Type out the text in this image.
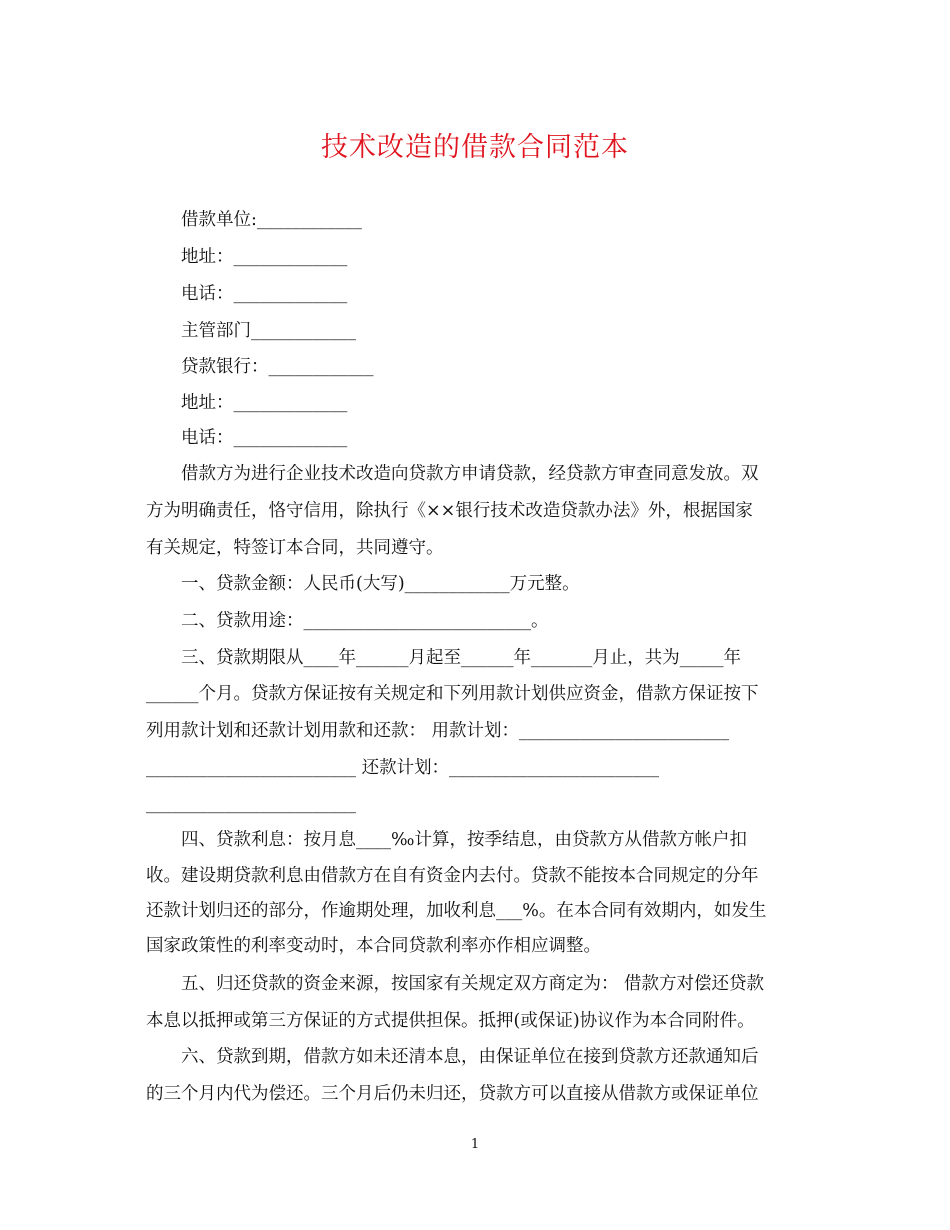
技术改造的借款合同范本
借款单位:____________
地址：_____________
电话：_____________
主管部门____________
贷款银行：____________
地址：_____________
电话：_____________
借款方为进行企业技术改造向贷款方申请贷款，经贷款方审查同意发放。双
方为明确责任，恪守信用，除执行《××银行技术改造贷款办法》外，根据国家
有关规定，特签订本合同，共同遵守。
一、贷款金额：人民币(大写)____________万元整。
二、贷款用途：__________________________。
三、贷款期限从____年______月起至______年_______月止，共为_____年
______个月。贷款方保证按有关规定和下列用款计划供应资金，借款方保证按下
列用款计划和还款计划用款和还款： 用款计划：________________________
________________________ 还款计划：________________________
________________________
四、贷款利息：按月息____‰计算，按季结息，由贷款方从借款方帐户扣
收。建设期贷款利息由借款方在自有资金内去付。贷款不能按本合同规定的分年
还款计划归还的部分，作逾期处理，加收利息___%。在本合同有效期内，如发生
国家政策性的利率变动时，本合同贷款利率亦作相应调整。
五、归还贷款的资金来源，按国家有关规定双方商定为： 借款方对偿还贷款
本息以抵押或第三方保证的方式提供担保。抵押(或保证)协议作为本合同附件。
六、贷款到期，借款方如未还清本息，由保证单位在接到贷款方还款通知后
的三个月内代为偿还。三个月后仍未归还，贷款方可以直接从借款方或保证单位
1
